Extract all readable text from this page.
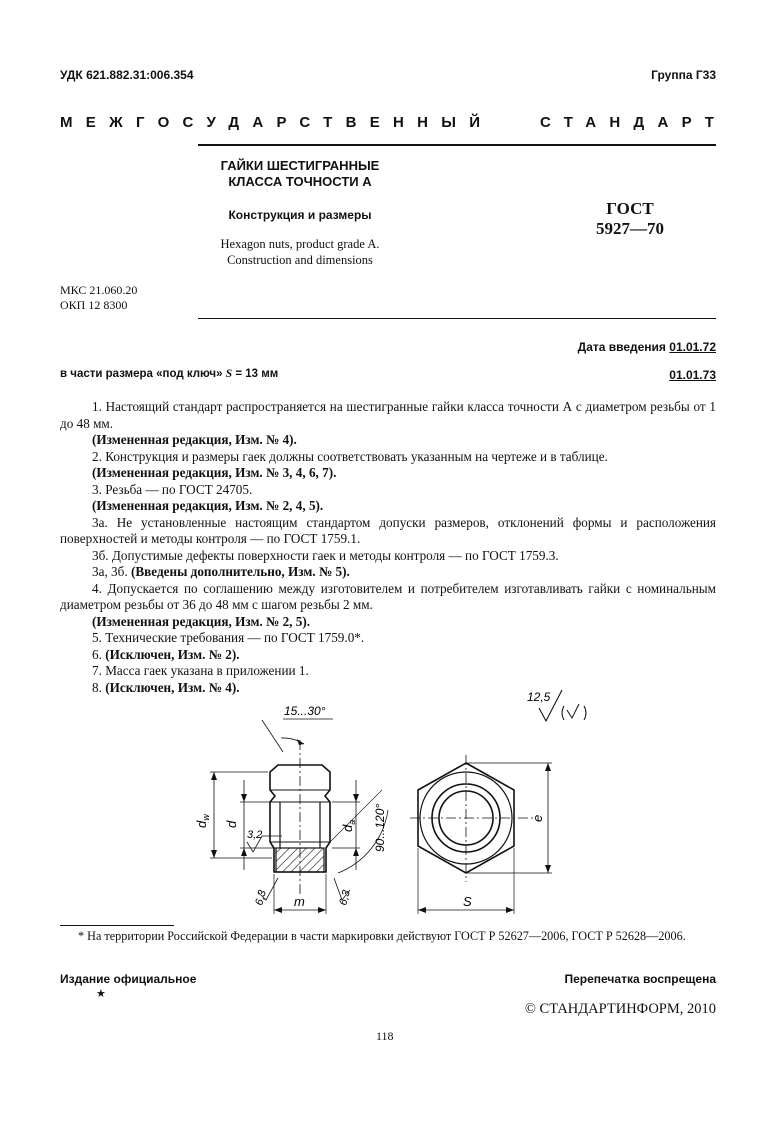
УДК 621.882.31:006.354	Группа Г33
МЕЖГОСУДАРСТВЕННЫЙ	СТАНДАРТ
ГАЙКИ ШЕСТИГРАННЫЕ
КЛАССА ТОЧНОСТИ А
Конструкция и размеры
Hexagon nuts, product grade A.
Construction and dimensions
ГОСТ
5927—70
МКС 21.060.20
ОКП 12 8300
Дата введения 01.01.72
в части размера «под ключ» S = 13 мм	01.01.73

1. Настоящий стандарт распространяется на шестигранные гайки класса точности А с диаметром резьбы от 1 до 48 мм.

(Измененная редакция, Изм. № 4).

2. Конструкция и размеры гаек должны соответствовать указанным на чертеже и в таблице.

(Измененная редакция, Изм. № 3, 4, 6, 7).

3. Резьба — по ГОСТ 24705.

(Измененная редакция, Изм. № 2, 4, 5).

3а. Не установленные настоящим стандартом допуски размеров, отклонений формы и расположения поверхностей и методы контроля — по ГОСТ 1759.1.

3б. Допустимые дефекты поверхности гаек и методы контроля — по ГОСТ 1759.3.

3а, 3б. (Введены дополнительно, Изм. № 5).

4. Допускается по соглашению между изготовителем и потребителем изготавливать гайки с номинальным диаметром резьбы от 36 до 48 мм с шагом резьбы 2 мм.

(Измененная редакция, Изм. № 2, 5).

5. Технические требования — по ГОСТ 1759.0*.

6. (Исключен, Изм. № 2).

7. Масса гаек указана в приложении 1.

8. (Исключен, Изм. № 4).

12,5
15...30°
90...120°
$d_w$
d
$d_a$
3,2
6,3	6,3
m	S
e

* На территории Российской Федерации в части маркировки действуют ГОСТ Р 52627—2006, ГОСТ Р 52628—2006.

Издание официальное
★
Перепечатка воспрещена
© СТАНДАРТИНФОРМ, 2010
118
